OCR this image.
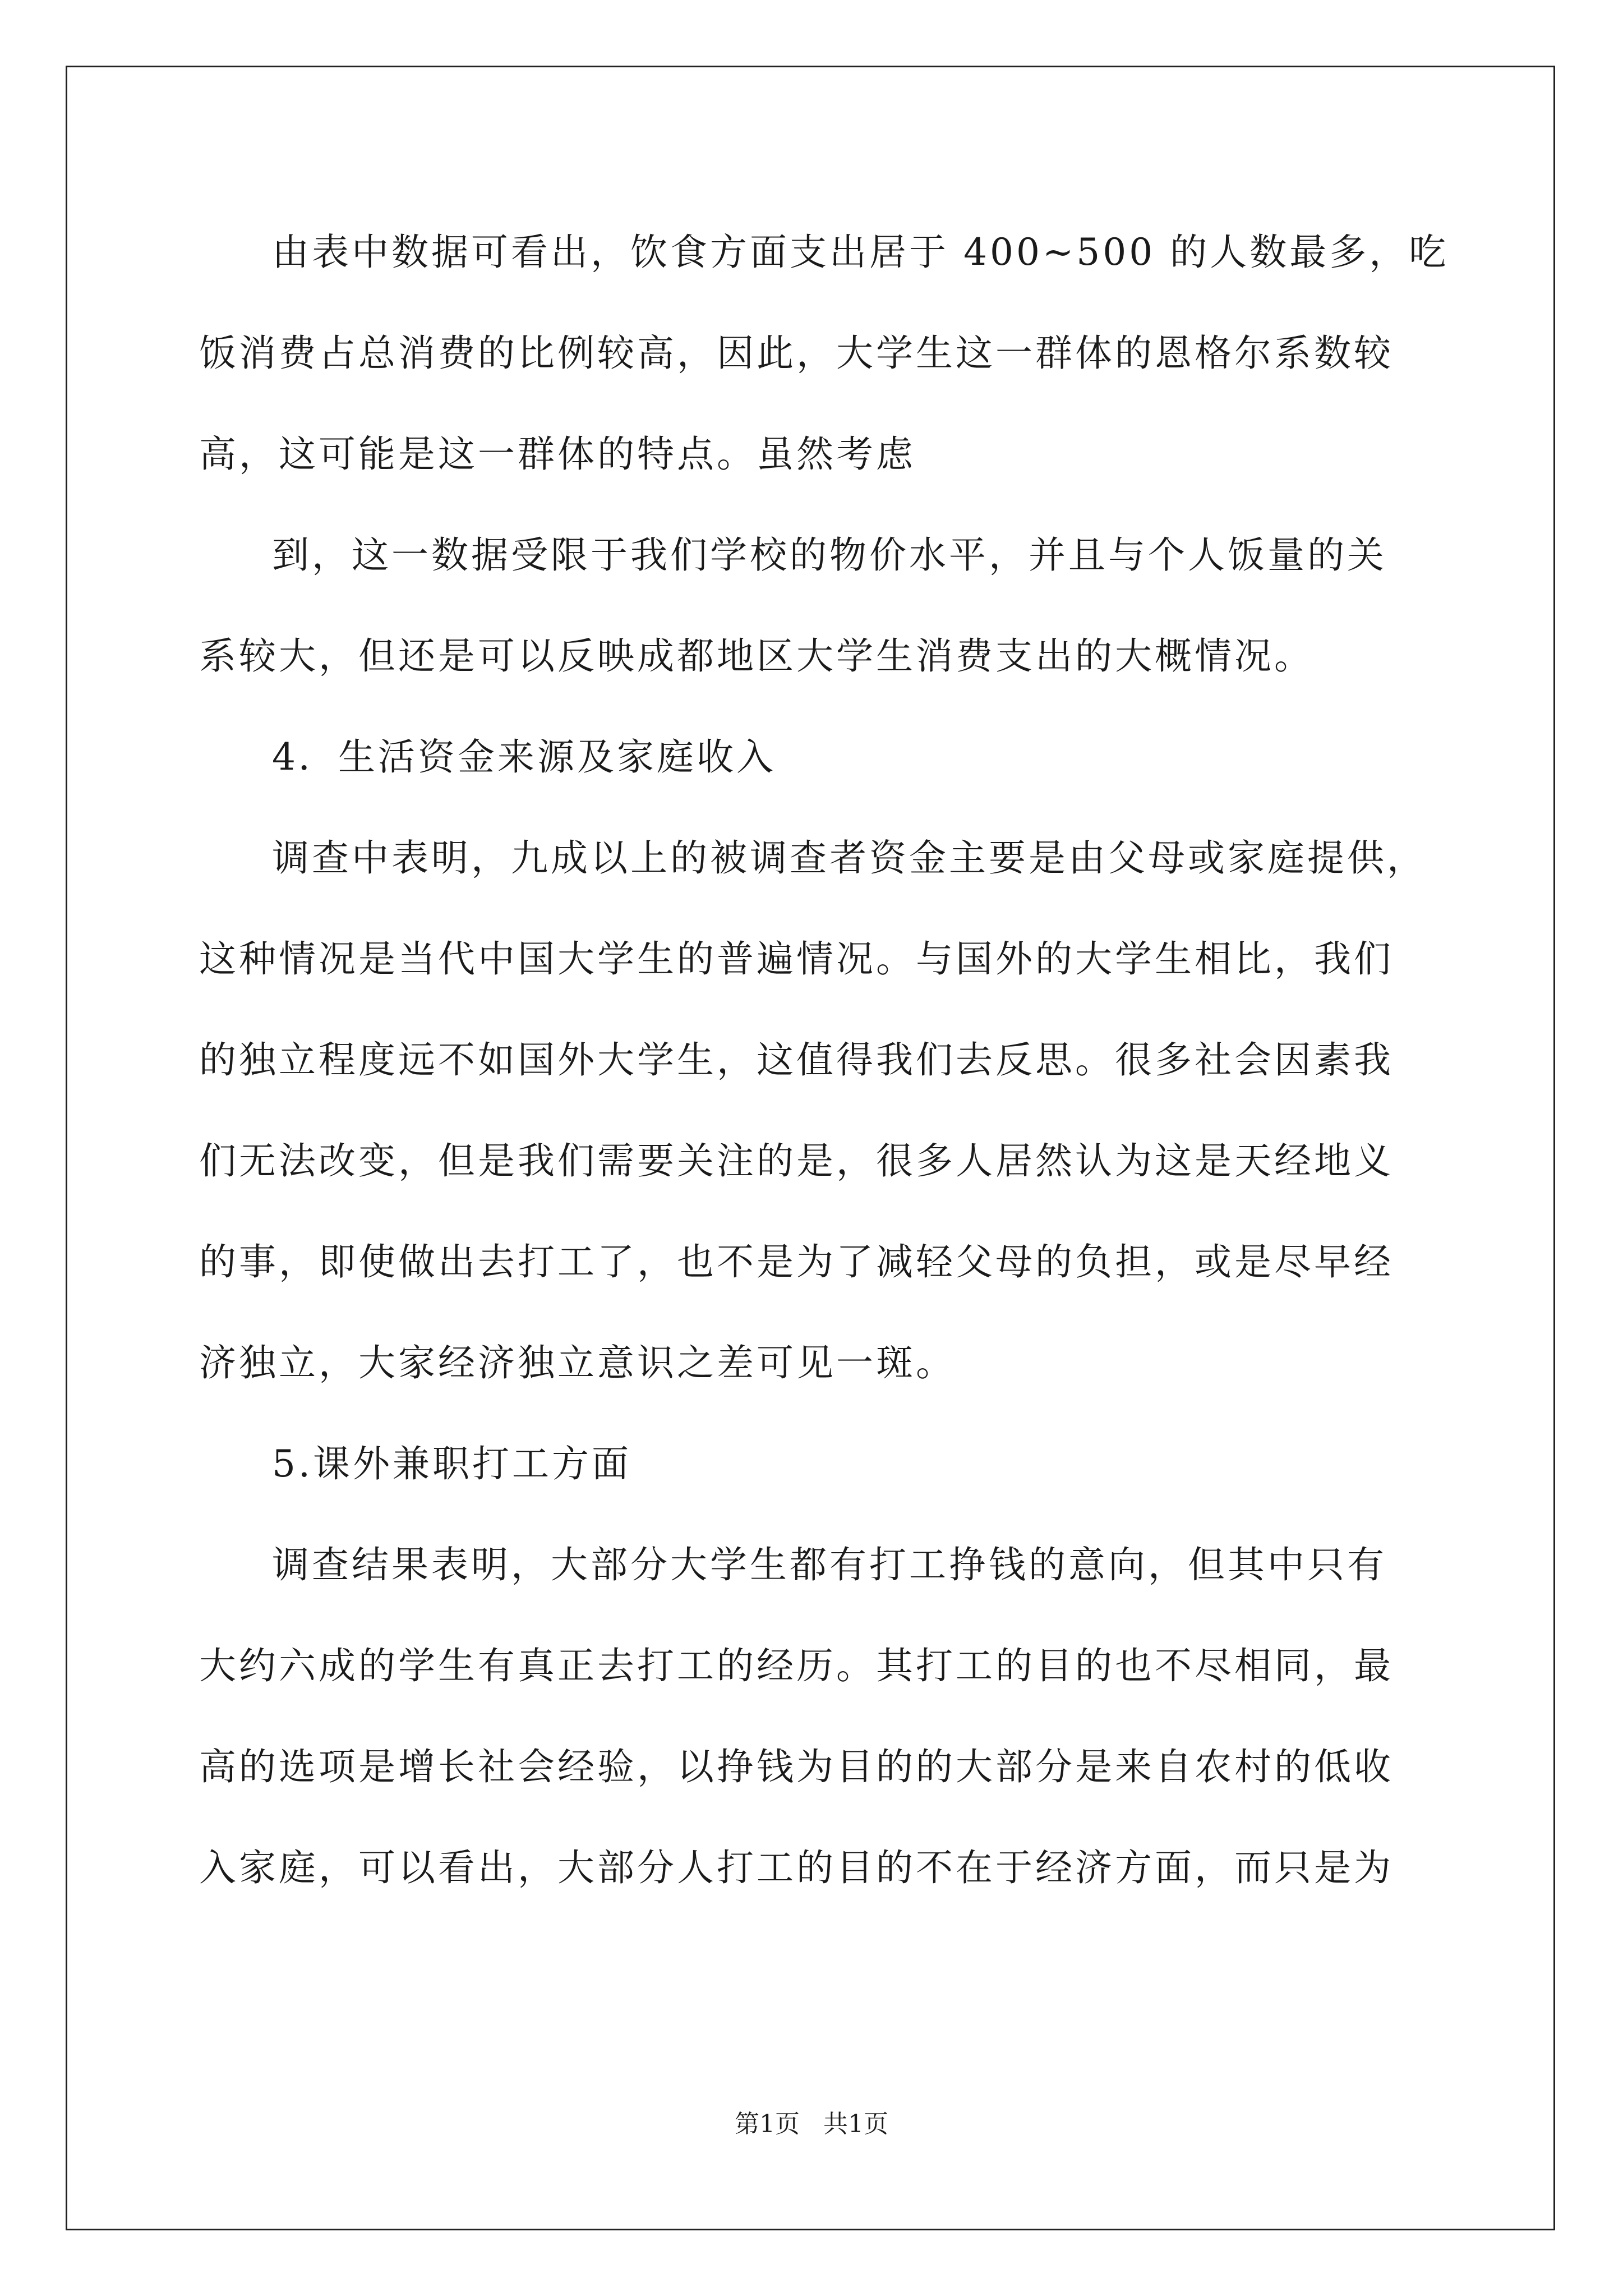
由表中数据可看出，饮食方面支出居于 400~500 的人数最多，吃
饭消费占总消费的比例较高，因此，大学生这一群体的恩格尔系数较
高，这可能是这一群体的特点。虽然考虑
到，这一数据受限于我们学校的物价水平，并且与个人饭量的关
系较大，但还是可以反映成都地区大学生消费支出的大概情况。
4．生活资金来源及家庭收入
调查中表明，九成以上的被调查者资金主要是由父母或家庭提供，
这种情况是当代中国大学生的普遍情况。与国外的大学生相比，我们
的独立程度远不如国外大学生，这值得我们去反思。很多社会因素我
们无法改变，但是我们需要关注的是，很多人居然认为这是天经地义
的事，即使做出去打工了，也不是为了减轻父母的负担，或是尽早经
济独立，大家经济独立意识之差可见一斑。
5.课外兼职打工方面
调查结果表明，大部分大学生都有打工挣钱的意向，但其中只有
大约六成的学生有真正去打工的经历。其打工的目的也不尽相同，最
高的选项是增长社会经验，以挣钱为目的的大部分是来自农村的低收
入家庭，可以看出，大部分人打工的目的不在于经济方面，而只是为
第1页   共1页
